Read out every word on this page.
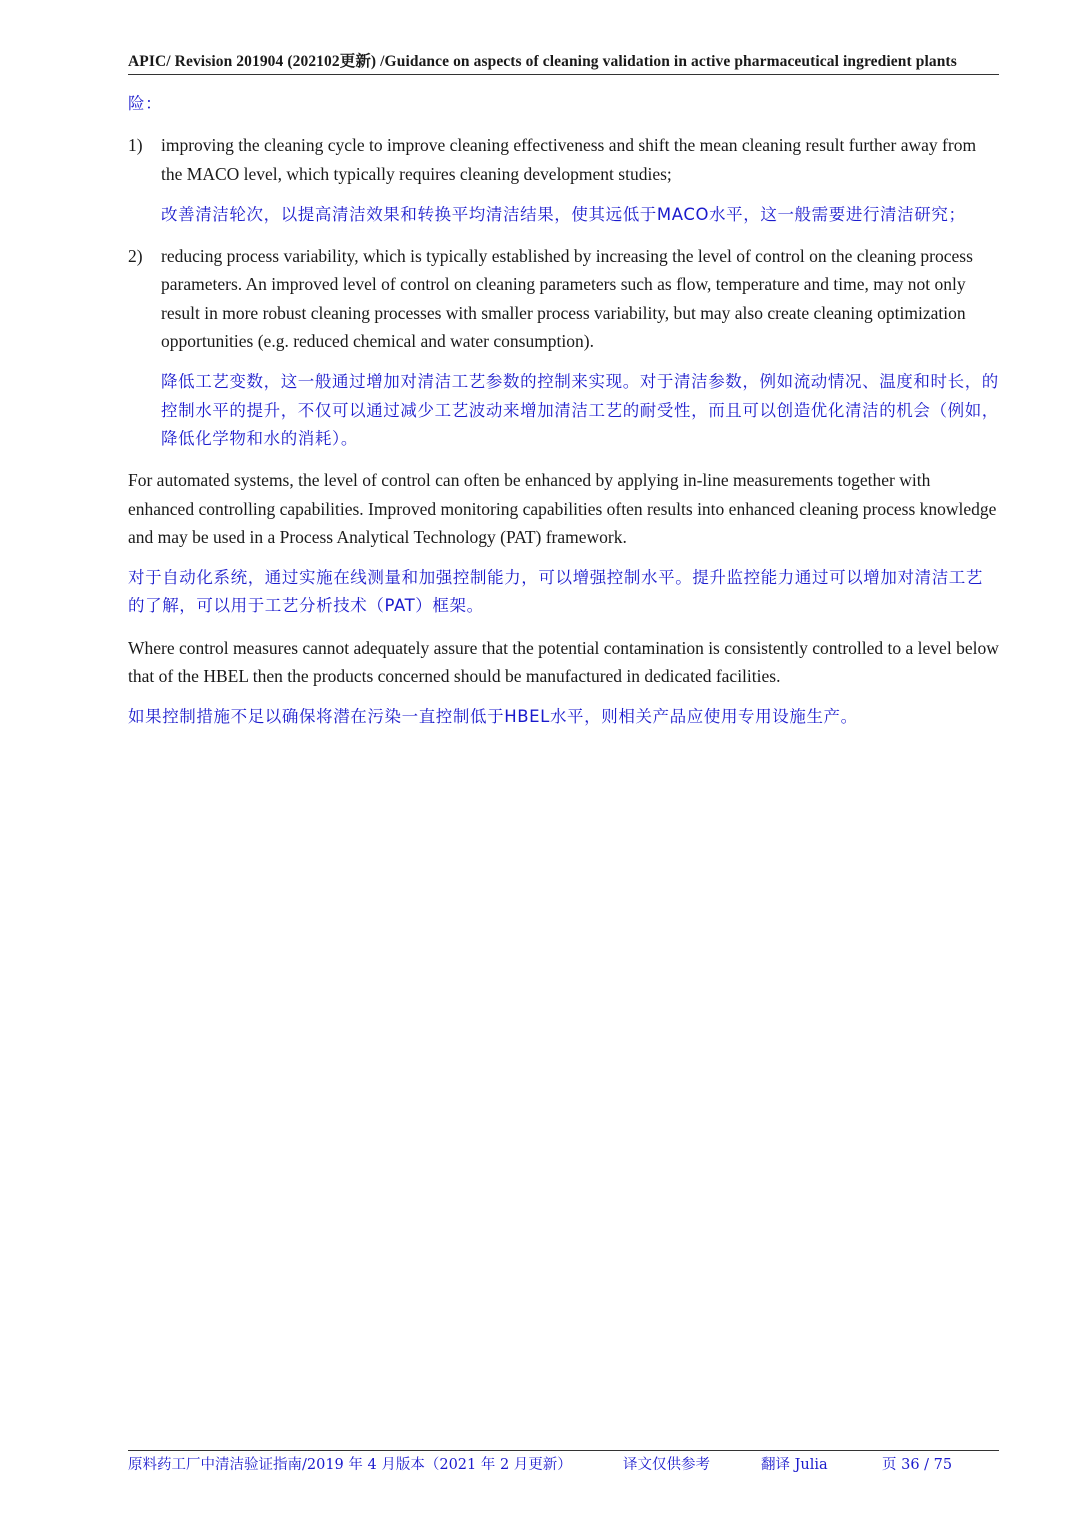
APIC/ Revision 201904 (202102更新) /Guidance on aspects of cleaning validation in active pharmaceutical ingredient plants

险：

1) improving the cleaning cycle to improve cleaning effectiveness and shift the mean cleaning result further away from the MACO level, which typically requires cleaning development studies;

改善清洁轮次，以提高清洁效果和转换平均清洁结果，使其远低于MACO水平，这一般需要进行清洁研究；

2) reducing process variability, which is typically established by increasing the level of control on the cleaning process parameters. An improved level of control on cleaning parameters such as flow, temperature and time, may not only result in more robust cleaning processes with smaller process variability, but may also create cleaning optimization opportunities (e.g. reduced chemical and water consumption).

降低工艺变数，这一般通过增加对清洁工艺参数的控制来实现。对于清洁参数，例如流动情况、温度和时长，的控制水平的提升，不仅可以通过减少工艺波动来增加清洁工艺的耐受性，而且可以创造优化清洁的机会（例如，降低化学物和水的消耗）。

For automated systems, the level of control can often be enhanced by applying in-line measurements together with enhanced controlling capabilities. Improved monitoring capabilities often results into enhanced cleaning process knowledge and may be used in a Process Analytical Technology (PAT) framework.

对于自动化系统，通过实施在线测量和加强控制能力，可以增强控制水平。提升监控能力通过可以增加对清洁工艺的了解，可以用于工艺分析技术（PAT）框架。

Where control measures cannot adequately assure that the potential contamination is consistently controlled to a level below that of the HBEL then the products concerned should be manufactured in dedicated facilities.

如果控制措施不足以确保将潜在污染一直控制低于HBEL水平，则相关产品应使用专用设施生产。

原料药工厂中清洁验证指南/2019 年 4 月版本（2021 年 2 月更新）	译文仅供参考	翻译 Julia	页 36 / 75
